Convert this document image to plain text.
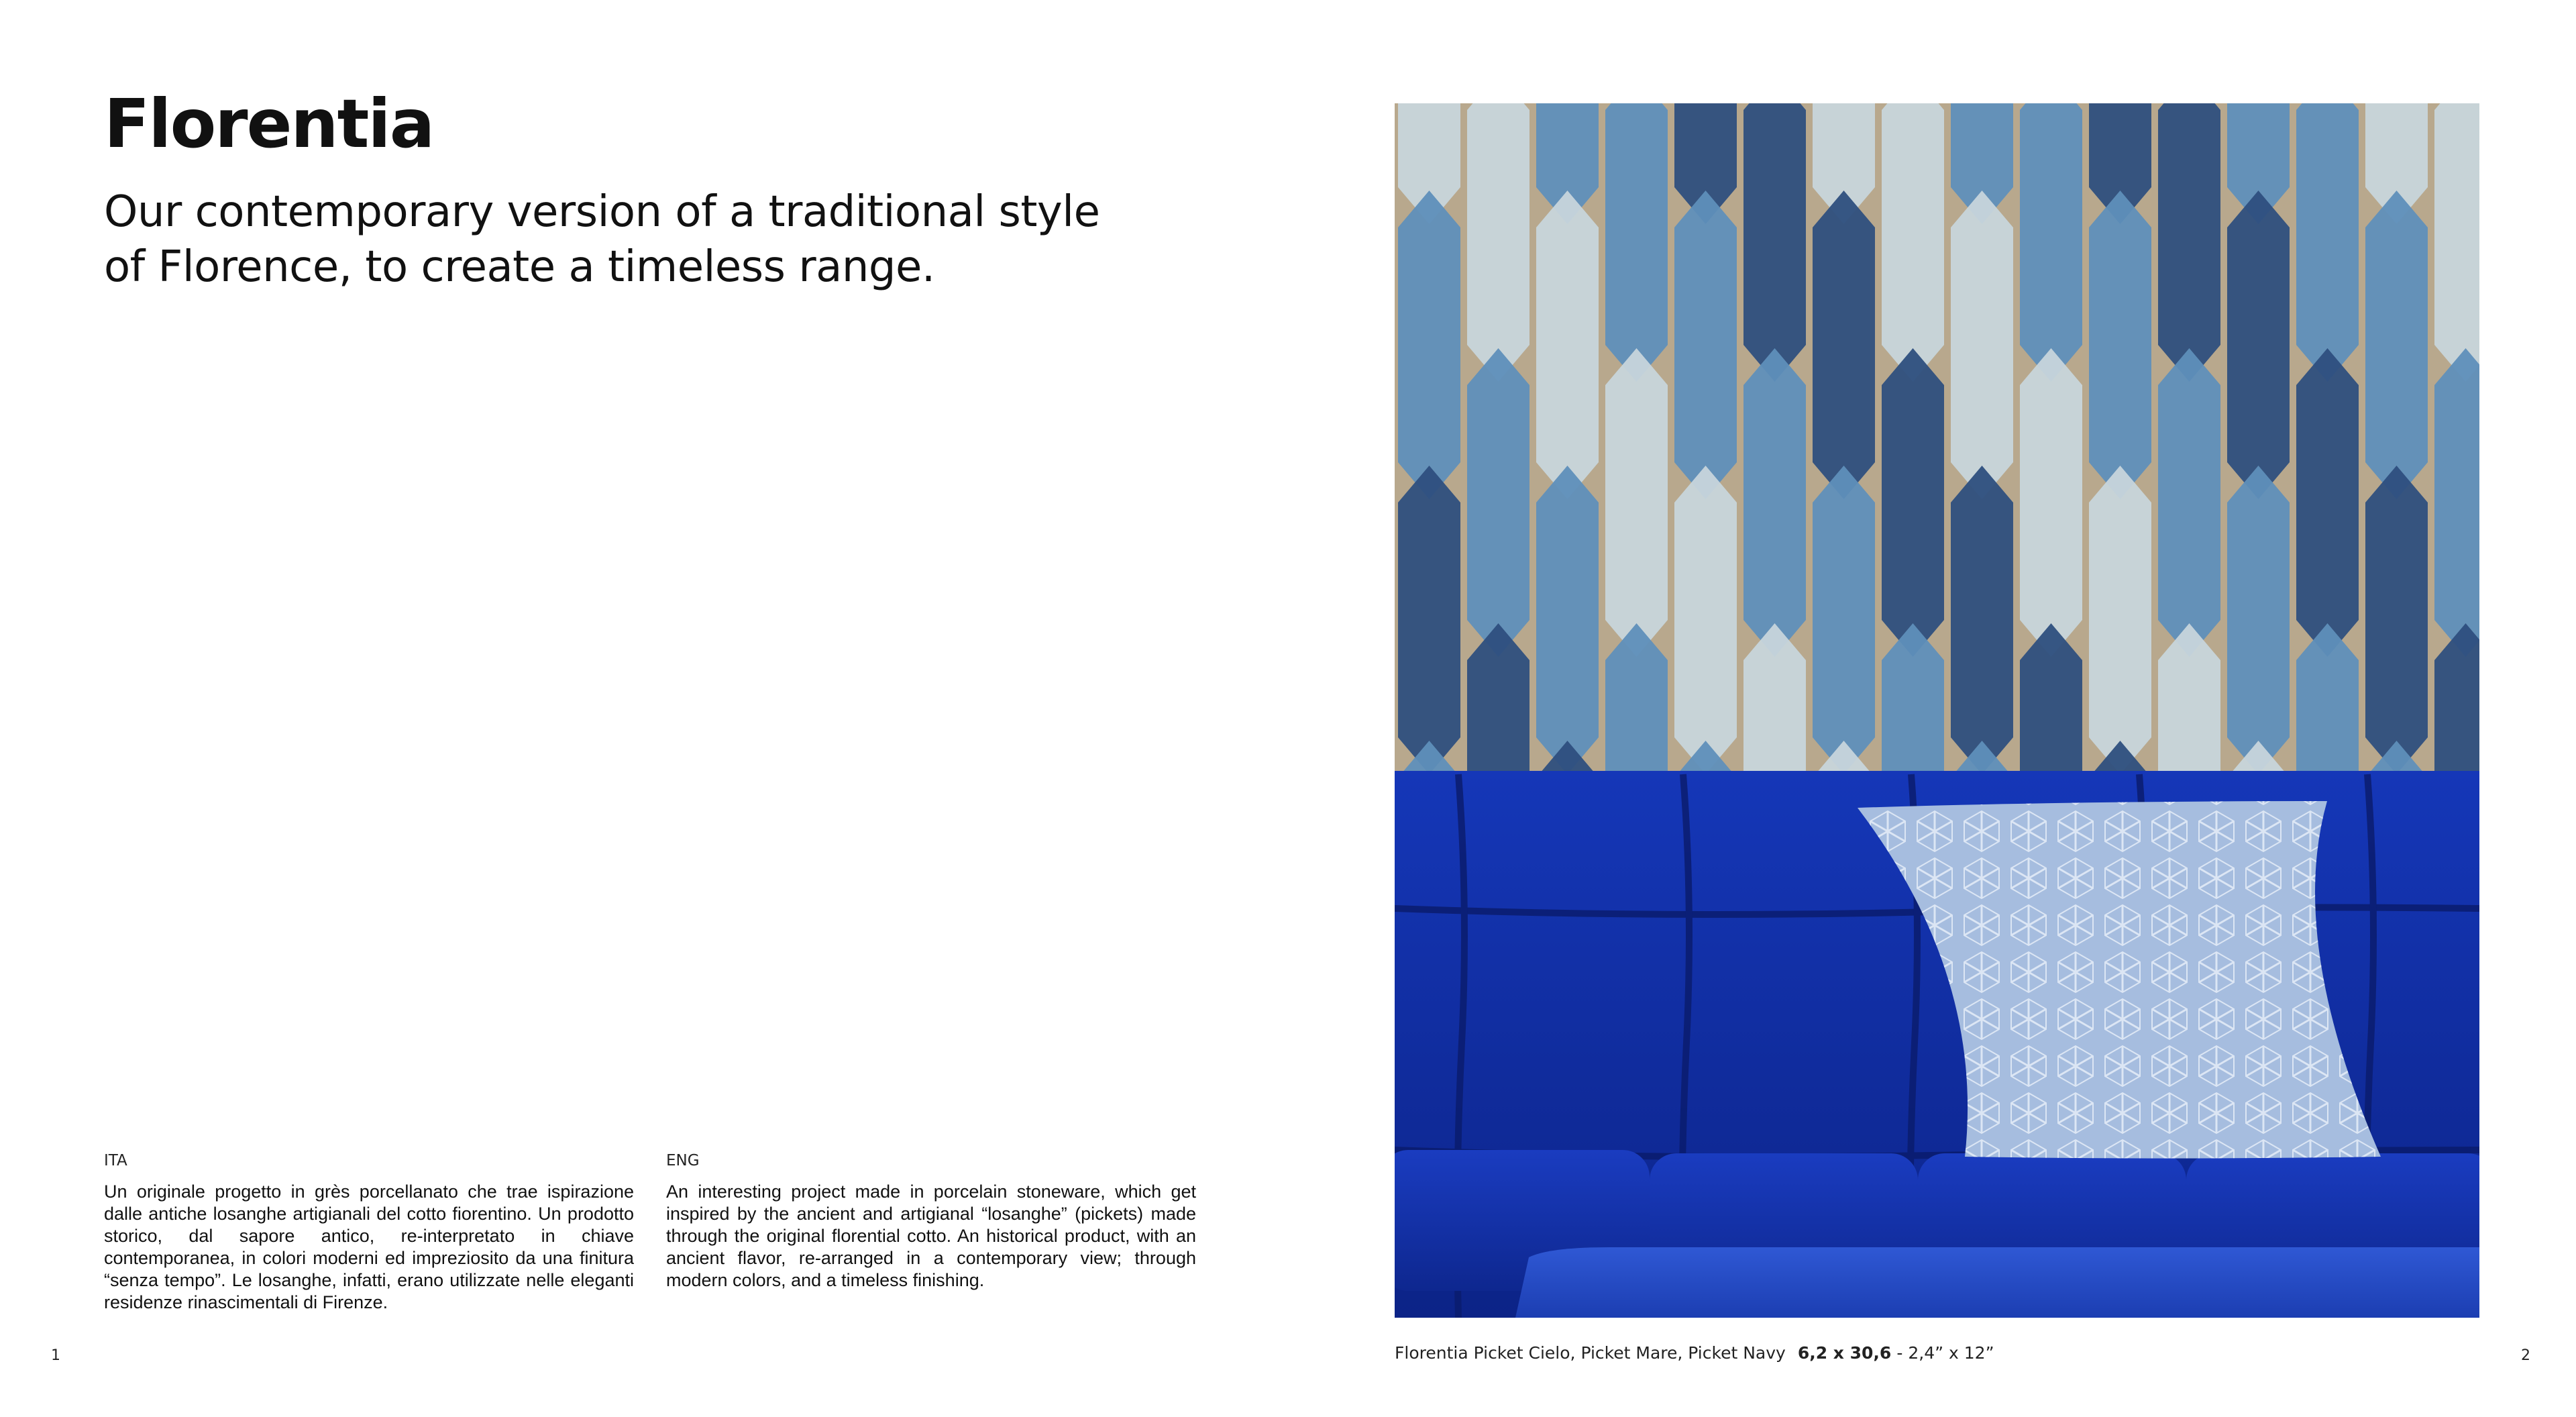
Florentia

Our contemporary version of a traditional style of Florence, to create a timeless range.

ITA

Un originale progetto in grès porcellanato che trae ispirazione dalle antiche losanghe artigianali del cotto fiorentino. Un prodotto storico, dal sapore antico, re-interpretato in chiave contemporanea, in colori moderni ed impreziosito da una finitura “senza tempo”. Le losanghe, infatti, erano utilizzate nelle eleganti residenze rinascimentali di Firenze.

ENG

An interesting project made in porcelain stoneware, which get inspired by the ancient and artigianal “losanghe” (pickets) made through the original florential cotto. An historical product, with an ancient flavor, re-arranged in a contemporary view; through modern colors, and a timeless finishing.

1	Florentia Picket Cielo, Picket Mare, Picket Navy 6,2 x 30,6 - 2,4” x 12”	2
